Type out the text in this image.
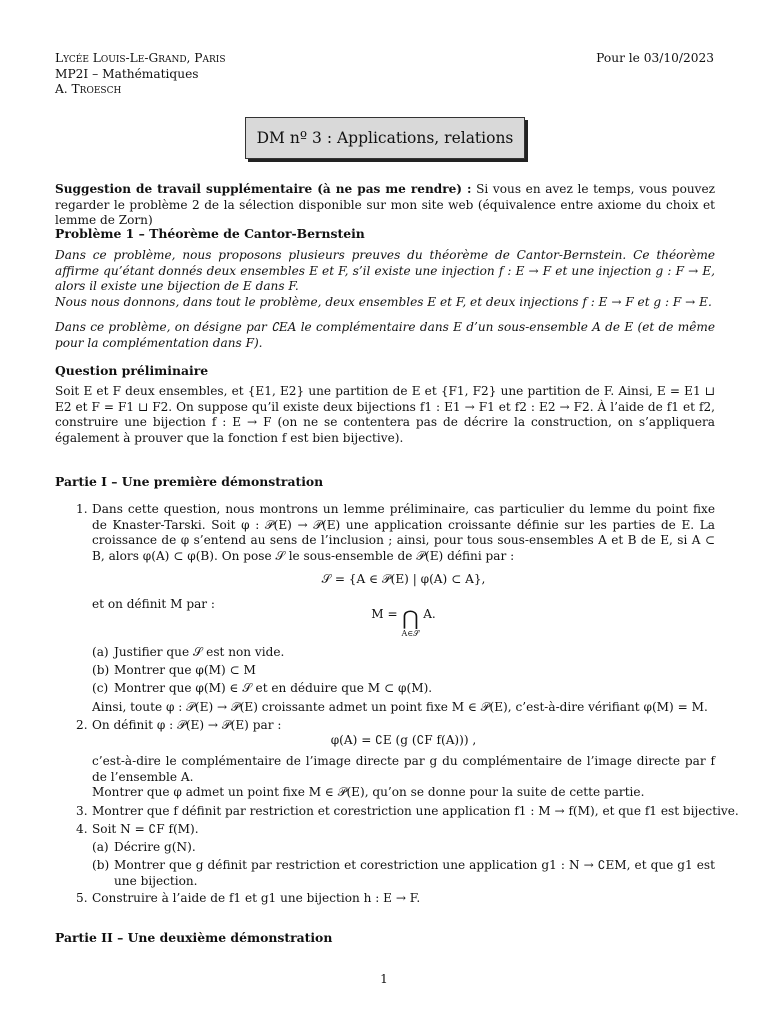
Lycée Louis-Le-Grand, Paris
MP2I – Mathématiques
A. Troesch
Pour le 03/10/2023
DM nº 3 : Applications, relations
Suggestion de travail supplémentaire (à ne pas me rendre) : Si vous en avez le temps, vous pouvez regarder le problème 2 de la sélection disponible sur mon site web (équivalence entre axiome du choix et lemme de Zorn)
Problème 1 – Théorème de Cantor-Bernstein

Dans ce problème, nous proposons plusieurs preuves du théorème de Cantor-Bernstein. Ce théorème affirme qu’étant donnés deux ensembles E et F, s’il existe une injection f : E → F et une injection g : F → E, alors il existe une bijection de E dans F.

Nous nous donnons, dans tout le problème, deux ensembles E et F, et deux injections f : E → F et g : F → E.

Dans ce problème, on désigne par ∁EA le complémentaire dans E d’un sous-ensemble A de E (et de même pour la complémentation dans F).
Question préliminaire
Soit E et F deux ensembles, et {E1, E2} une partition de E et {F1, F2} une partition de F. Ainsi, E = E1 ⊔ E2 et F = F1 ⊔ F2. On suppose qu’il existe deux bijections f1 : E1 → F1 et f2 : E2 → F2. À l’aide de f1 et f2, construire une bijection f : E → F (on ne se contentera pas de décrire la construction, on s’appliquera également à prouver que la fonction f est bien bijective).
Partie I – Une première démonstration
1. Dans cette question, nous montrons un lemme préliminaire, cas particulier du lemme du point fixe de Knaster-Tarski. Soit φ : 𝒫(E) → 𝒫(E) une application croissante définie sur les parties de E. La croissance de φ s’entend au sens de l’inclusion ; ainsi, pour tous sous-ensembles A et B de E, si A ⊂ B, alors φ(A) ⊂ φ(B). On pose 𝒮 le sous-ensemble de 𝒫(E) défini par :
𝒮 = {A ∈ 𝒫(E) | φ(A) ⊂ A},
et on définit M par :
M = ⋂
A∈𝒮
A.
(a) Justifier que 𝒮 est non vide.
(b) Montrer que φ(M) ⊂ M
(c) Montrer que φ(M) ∈ 𝒮 et en déduire que M ⊂ φ(M).
Ainsi, toute φ : 𝒫(E) → 𝒫(E) croissante admet un point fixe M ∈ 𝒫(E), c’est-à-dire vérifiant φ(M) = M.
2. On définit φ : 𝒫(E) → 𝒫(E) par :
φ(A) = ∁E (g (∁F f(A))) ,
c’est-à-dire le complémentaire de l’image directe par g du complémentaire de l’image directe par f de l’ensemble A.
Montrer que φ admet un point fixe M ∈ 𝒫(E), qu’on se donne pour la suite de cette partie.
3. Montrer que f définit par restriction et corestriction une application f1 : M → f(M), et que f1 est bijective.
4. Soit N = ∁F f(M).
(a) Décrire g(N).
(b) Montrer que g définit par restriction et corestriction une application g1 : N → ∁EM, et que g1 est une bijection.
5. Construire à l’aide de f1 et g1 une bijection h : E → F.
Partie II – Une deuxième démonstration
1
